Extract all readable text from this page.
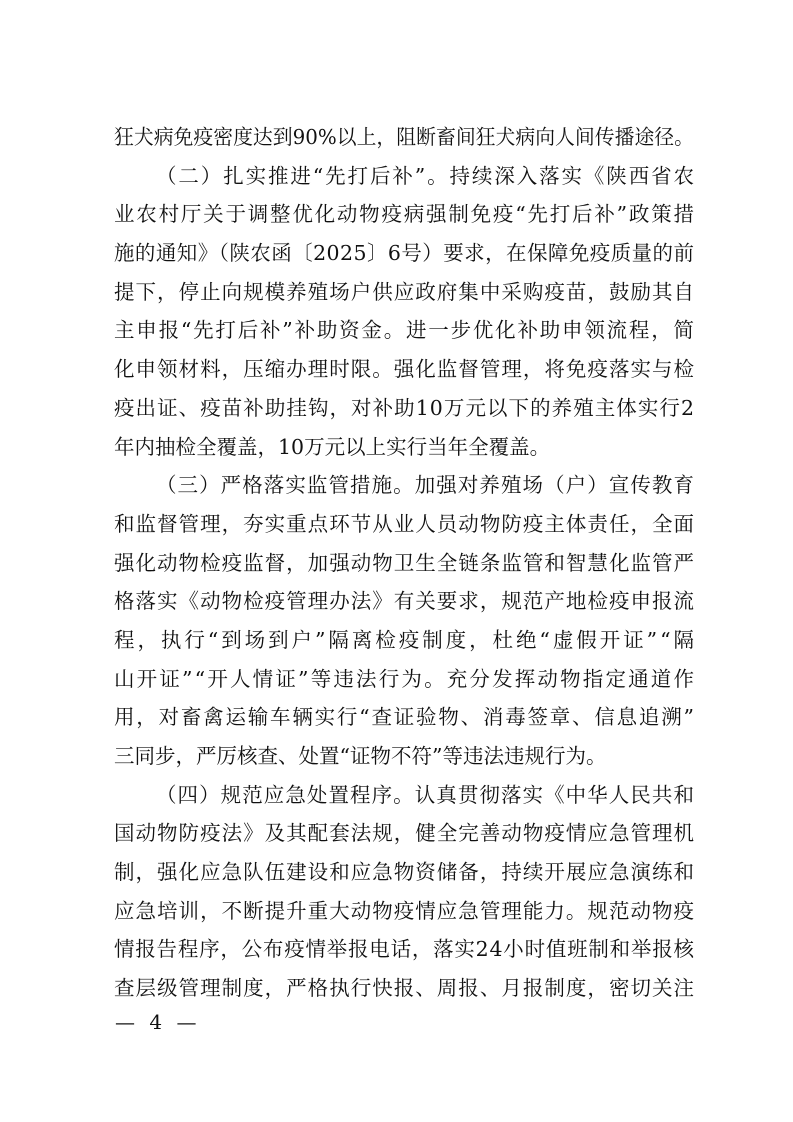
狂犬病免疫密度达到90%以上，阻断畜间狂犬病向人间传播途径。
（二）扎实推进“先打后补”。持续深入落实《陕西省农
业农村厅关于调整优化动物疫病强制免疫“先打后补”政策措
施的通知》（陕农函〔2025〕6号）要求，在保障免疫质量的前
提下，停止向规模养殖场户供应政府集中采购疫苗，鼓励其自
主申报“先打后补”补助资金。进一步优化补助申领流程，简
化申领材料，压缩办理时限。强化监督管理，将免疫落实与检
疫出证、疫苗补助挂钩，对补助10万元以下的养殖主体实行2
年内抽检全覆盖，10万元以上实行当年全覆盖。
（三）严格落实监管措施。加强对养殖场（户）宣传教育
和监督管理，夯实重点环节从业人员动物防疫主体责任，全面
强化动物检疫监督，加强动物卫生全链条监管和智慧化监管严
格落实《动物检疫管理办法》有关要求，规范产地检疫申报流
程，执行“到场到户”隔离检疫制度，杜绝“虚假开证”“隔
山开证”“开人情证”等违法行为。充分发挥动物指定通道作
用，对畜禽运输车辆实行“查证验物、消毒签章、信息追溯”
三同步，严厉核查、处置“证物不符”等违法违规行为。
（四）规范应急处置程序。认真贯彻落实《中华人民共和
国动物防疫法》及其配套法规，健全完善动物疫情应急管理机
制，强化应急队伍建设和应急物资储备，持续开展应急演练和
应急培训，不断提升重大动物疫情应急管理能力。规范动物疫
情报告程序，公布疫情举报电话，落实24小时值班制和举报核
查层级管理制度，严格执行快报、周报、月报制度，密切关注
— 4 —
